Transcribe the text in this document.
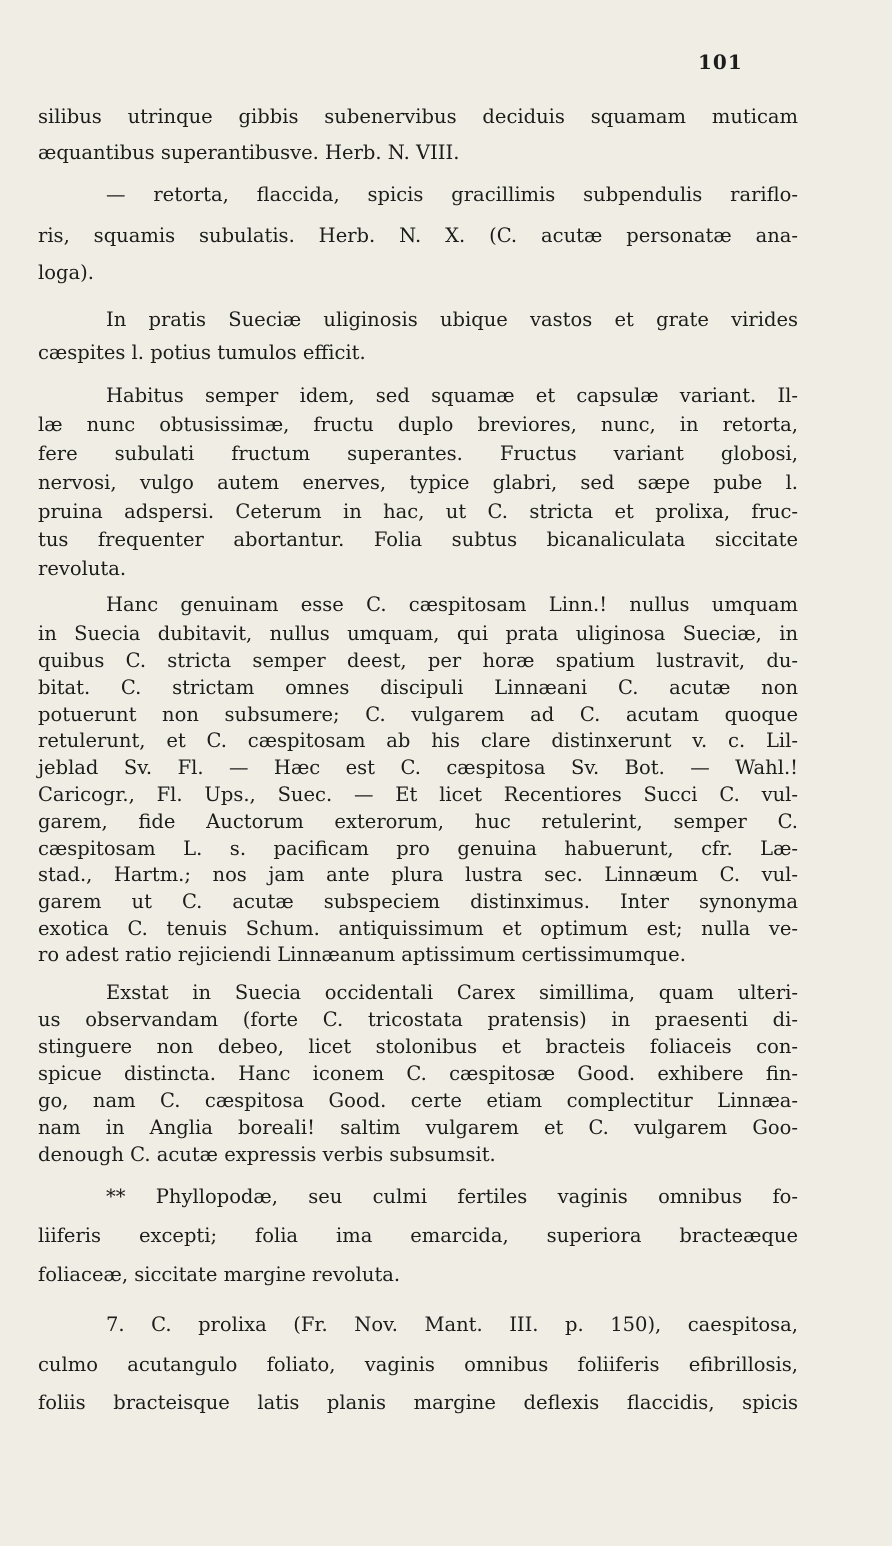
101
silibus utrinque gibbis subenervibus deciduis squamam muticam
æquantibus superantibusve. Herb. N. VIII.
— retorta, flaccida, spicis gracillimis subpendulis rariflo-
ris, squamis subulatis. Herb. N. X. (C. acutæ personatæ ana-
loga).
In pratis Sueciæ uliginosis ubique vastos et grate virides
cæspites l. potius tumulos efficit.
Habitus semper idem, sed squamæ et capsulæ variant. Il-
læ nunc obtusissimæ, fructu duplo breviores, nunc, in retorta,
fere subulati fructum superantes. Fructus variant globosi,
nervosi, vulgo autem enerves, typice glabri, sed sæpe pube l.
pruina adspersi. Ceterum in hac, ut C. stricta et prolixa, fruc-
tus frequenter abortantur. Folia subtus bicanaliculata siccitate
revoluta.
Hanc genuinam esse C. cæspitosam Linn.! nullus umquam
in Suecia dubitavit, nullus umquam, qui prata uliginosa Sueciæ, in
quibus C. stricta semper deest, per horæ spatium lustravit, du-
bitat. C. strictam omnes discipuli Linnæani C. acutæ non
potuerunt non subsumere; C. vulgarem ad C. acutam quoque
retulerunt, et C. cæspitosam ab his clare distinxerunt v. c. Lil-
jeblad Sv. Fl. — Hæc est C. cæspitosa Sv. Bot. — Wahl.!
Caricogr., Fl. Ups., Suec. — Et licet Recentiores Succi C. vul-
garem, fide Auctorum exterorum, huc retulerint, semper C.
cæspitosam L. s. pacificam pro genuina habuerunt, cfr. Læ-
stad., Hartm.; nos jam ante plura lustra sec. Linnæum C. vul-
garem ut C. acutæ subspeciem distinximus. Inter synonyma
exotica C. tenuis Schum. antiquissimum et optimum est; nulla ve-
ro adest ratio rejiciendi Linnæanum aptissimum certissimumque.
Exstat in Suecia occidentali Carex simillima, quam ulteri-
us observandam (forte C. tricostata pratensis) in praesenti di-
stinguere non debeo, licet stolonibus et bracteis foliaceis con-
spicue distincta. Hanc iconem C. cæspitosæ Good. exhibere fin-
go, nam C. cæspitosa Good. certe etiam complectitur Linnæa-
nam in Anglia boreali! saltim vulgarem et C. vulgarem Goo-
denough C. acutæ expressis verbis subsumsit.
** Phyllopodæ, seu culmi fertiles vaginis omnibus fo-
liiferis excepti; folia ima emarcida, superiora bracteæque
foliaceæ, siccitate margine revoluta.
7. C. prolixa (Fr. Nov. Mant. III. p. 150), caespitosa,
culmo acutangulo foliato, vaginis omnibus foliiferis efibrillosis,
foliis bracteisque latis planis margine deflexis flaccidis, spicis
